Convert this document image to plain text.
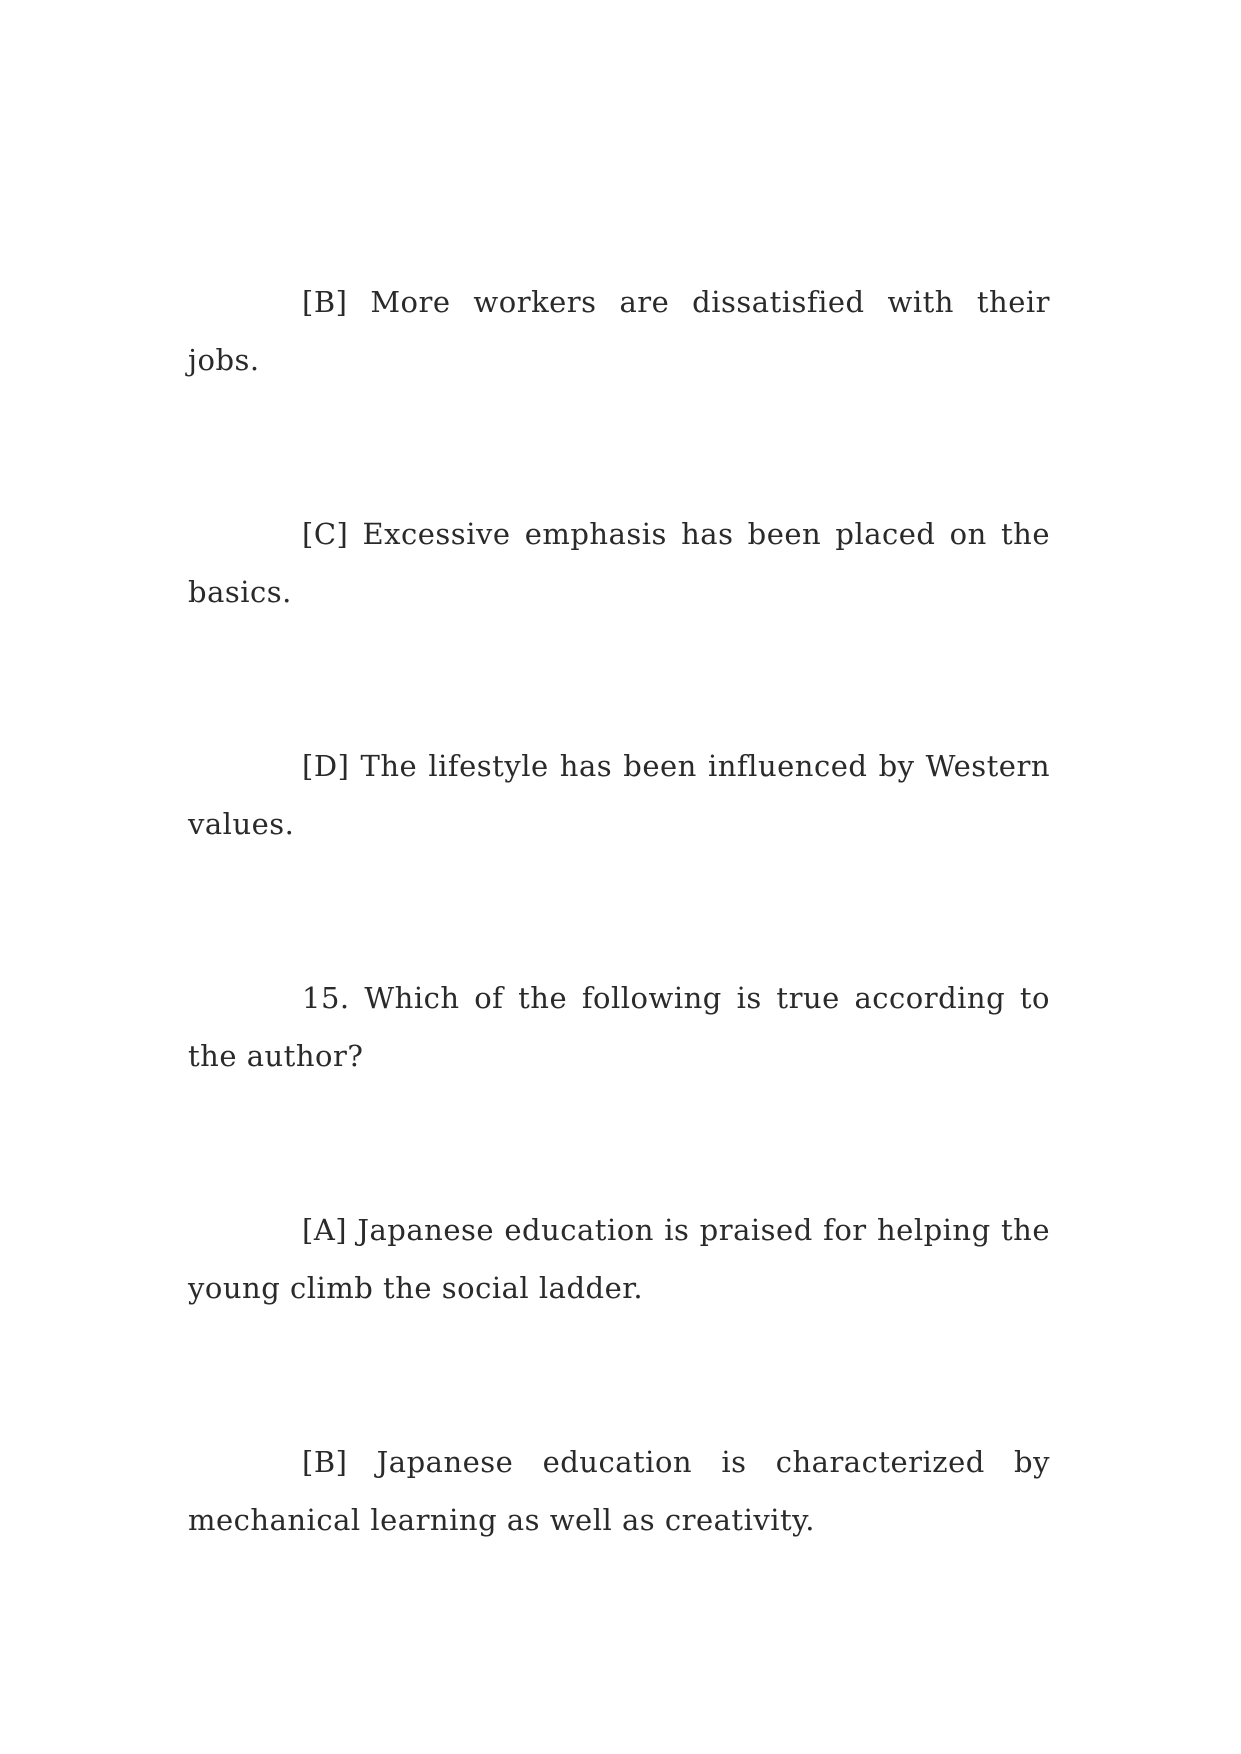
[B] More workers are dissatisfied with their jobs.

[C] Excessive emphasis has been placed on the basics.

[D] The lifestyle has been influenced by Western values.

15. Which of the following is true according to the author?

[A] Japanese education is praised for helping the young climb the social ladder.

[B] Japanese education is characterized by mechanical learning as well as creativity.
